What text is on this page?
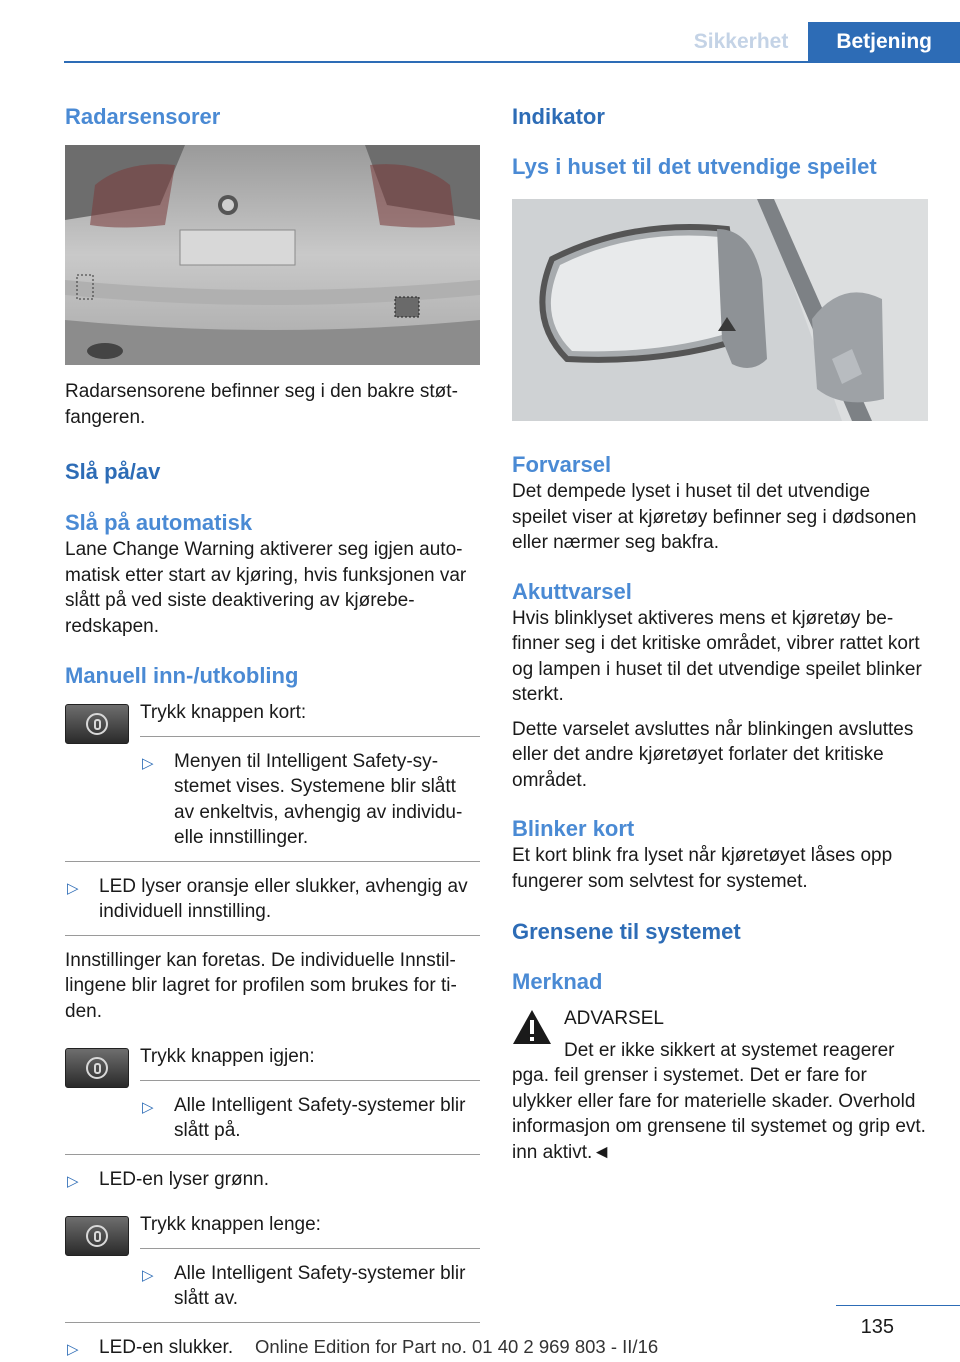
Sikkerhet	Betjening
Radarsensorer

Radarsensorene befinner seg i den bakre støtfangeren.

Slå på/av
Slå på automatisk

Lane Change Warning aktiverer seg igjen automatisk etter start av kjøring, hvis funksjonen var slått på ved siste deaktivering av kjøreberedskapen.

Manuell inn-/utkobling

Trykk knappen kort:

▷ Menyen til Intelligent Safety-systemet vises. Systemene blir slått av enkeltvis, avhengig av individuelle innstillinger.
▷ LED lyser oransje eller slukker, avhengig av individuell innstilling.

Innstillinger kan foretas. De individuelle Innstillingene blir lagret for profilen som brukes for tiden.

Trykk knappen igjen:

▷ Alle Intelligent Safety-systemer blir slått på.
▷ LED-en lyser grønn.

Trykk knappen lenge:

▷ Alle Intelligent Safety-systemer blir slått av.
▷ LED-en slukker.
Indikator
Lys i huset til det utvendige speilet
Forvarsel

Det dempede lyset i huset til det utvendige speilet viser at kjøretøy befinner seg i dødsonen eller nærmer seg bakfra.

Akuttvarsel

Hvis blinklyset aktiveres mens et kjøretøy befinner seg i det kritiske området, vibrer rattet kort og lampen i huset til det utvendige speilet blinker sterkt.

Dette varselet avsluttes når blinkingen avsluttes eller det andre kjøretøyet forlater det kritiske området.

Blinker kort

Et kort blink fra lyset når kjøretøyet låses opp fungerer som selvtest for systemet.

Grensene til systemet
Merknad

ADVARSEL

Det er ikke sikkert at systemet reagerer

pga. feil grenser i systemet. Det er fare for ulykker eller fare for materielle skader. Overhold informasjon om grensene til systemet og grip evt. inn aktivt.◄

135
Online Edition for Part no. 01 40 2 969 803 - II/16
